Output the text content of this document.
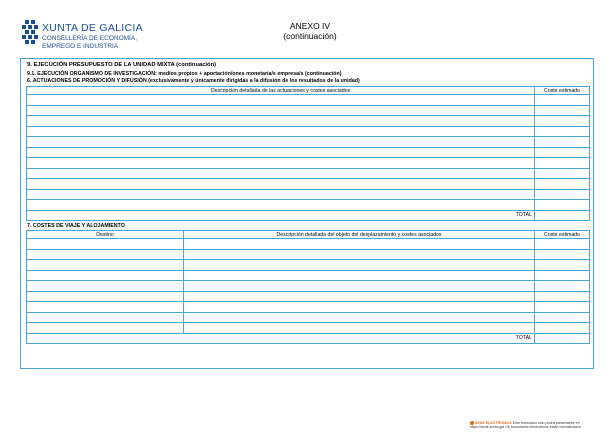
XUNTA DE GALICIA
CONSELLERÍA DE ECONOMÍA,
EMPREGO E INDUSTRIA
ANEXO IV
(continuación)
9. EJECUCIÓN PRESUPUESTO DE LA UNIDAD MIXTA (continuación)
9.1. EJECUCIÓN ORGANISMO DE INVESTIGACIÓN: medios propios + aportación/ones monetaria/s empresa/s (continuación)
6. ACTUACIONES DE PROMOCIÓN Y DIFUSIÓN (exclusivamente y únicamente dirigidas a la difusión de los resultados de la unidad)
Descripción detallada de las actuaciones y costes asociados	Coste estimado

TOTAL	
7. COSTES DE VIAJE Y ALOJAMIENTO
Destino	Descripción detallada del objeto del desplazamiento y costes asociados	Coste estimado

TOTAL		
SEDE ELECTRÓNICA Este formulario sólo podrá presentarse en
https://sede.xunta.gal Os formularios electrónicos están normalizados
